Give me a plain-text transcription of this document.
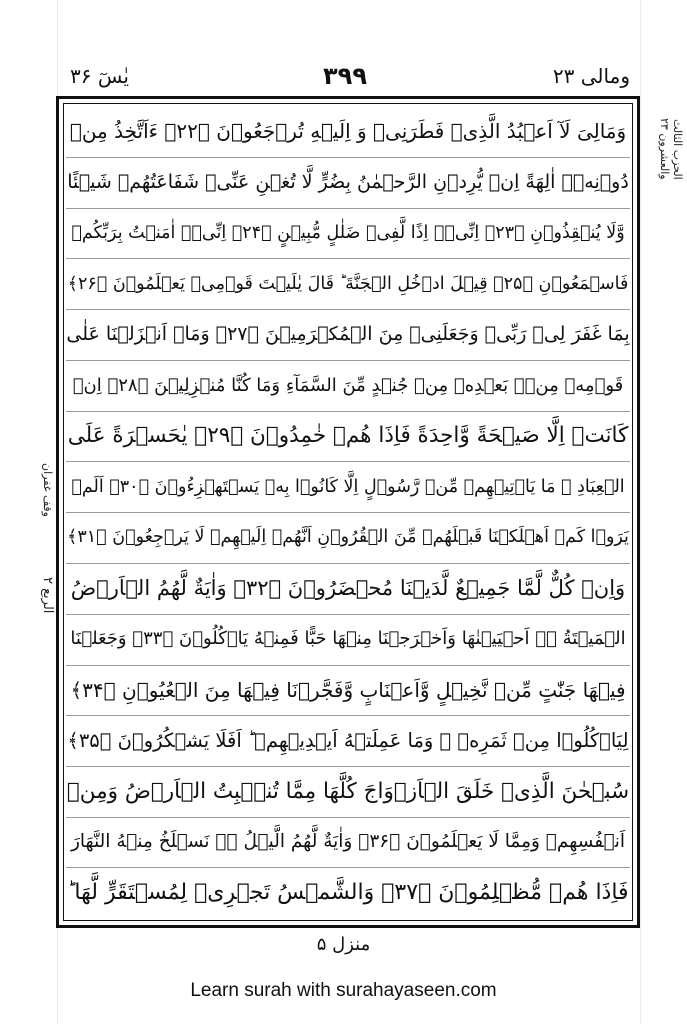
ومالی ۲۳
۳۹۹
یٰسٓ ۳۶
الحزب الثالث والعشرون ۲۳
وقف غفران
الربع ۲
وَمَالِیَ لَآ اَعۡبُدُ الَّذِیۡ فَطَرَنِیۡ وَ اِلَیۡهِ تُرۡجَعُوۡنَ ﴿۲۲﴾ ءَاَتَّخِذُ مِنۡ
دُوۡنِهٖۤ اٰلِهَةً اِنۡ یُّرِدۡنِ الرَّحۡمٰنُ بِضُرٍّ لَّا تُغۡنِ عَنِّیۡ شَفَاعَتُهُمۡ شَیۡئًا
وَّلَا یُنۡقِذُوۡنِ ﴿۲۳﴾ اِنِّیۡۤ اِذًا لَّفِیۡ ضَلٰلٍ مُّبِیۡنٍ ﴿۲۴﴾ اِنِّیۡۤ اٰمَنۡتُ بِرَبِّكُمۡ
فَاسۡمَعُوۡنِ ﴿۲۵﴾ قِیۡلَ ادۡخُلِ الۡجَنَّةَ ؕ قَالَ یٰلَیۡتَ قَوۡمِیۡ یَعۡلَمُوۡنَ ﴿۲۶﴾
بِمَا غَفَرَ لِیۡ رَبِّیۡ وَجَعَلَنِیۡ مِنَ الۡمُكۡرَمِیۡنَ ﴿۲۷﴾ وَمَاۤ اَنۡزَلۡنَا عَلٰی
قَوۡمِهٖ مِنۡۢ بَعۡدِهٖ مِنۡ جُنۡدٍ مِّنَ السَّمَآءِ وَمَا كُنَّا مُنۡزِلِیۡنَ ﴿۲۸﴾ اِنۡ
كَانَتۡ اِلَّا صَیۡحَةً وَّاحِدَةً فَاِذَا هُمۡ خٰمِدُوۡنَ ﴿۲۹﴾ یٰحَسۡرَةً عَلَی
الۡعِبَادِ ۚ مَا یَاۡتِیۡهِمۡ مِّنۡ رَّسُوۡلٍ اِلَّا كَانُوۡا بِهٖ یَسۡتَهۡزِءُوۡنَ ﴿۳۰﴾ اَلَمۡ
یَرَوۡا كَمۡ اَهۡلَكۡنَا قَبۡلَهُمۡ مِّنَ الۡقُرُوۡنِ اَنَّهُمۡ اِلَیۡهِمۡ لَا یَرۡجِعُوۡنَ ﴿۳۱﴾
وَاِنۡ كُلٌّ لَّمَّا جَمِیۡعٌ لَّدَیۡنَا مُحۡضَرُوۡنَ ﴿۳۲﴾ وَاٰیَةٌ لَّهُمُ الۡاَرۡضُ
الۡمَیۡتَةُ ۚۖ اَحۡیَیۡنٰهَا وَاَخۡرَجۡنَا مِنۡهَا حَبًّا فَمِنۡهُ یَاۡكُلُوۡنَ ﴿۳۳﴾ وَجَعَلۡنَا
فِیۡهَا جَنّٰتٍ مِّنۡ نَّخِیۡلٍ وَّاَعۡنَابٍ وَّفَجَّرۡنَا فِیۡهَا مِنَ الۡعُیُوۡنِ ﴿۳۴﴾
لِیَاۡكُلُوۡا مِنۡ ثَمَرِهٖ ۙ وَمَا عَمِلَتۡهُ اَیۡدِیۡهِمۡ ؕ اَفَلَا یَشۡكُرُوۡنَ ﴿۳۵﴾
سُبۡحٰنَ الَّذِیۡ خَلَقَ الۡاَزۡوَاجَ كُلَّهَا مِمَّا تُنۡۢبِتُ الۡاَرۡضُ وَمِنۡ
اَنۡفُسِهِمۡ وَمِمَّا لَا یَعۡلَمُوۡنَ ﴿۳۶﴾ وَاٰیَةٌ لَّهُمُ الَّیۡلُ ۚۖ نَسۡلَخُ مِنۡهُ النَّهَارَ
فَاِذَا هُمۡ مُّظۡلِمُوۡنَ ﴿۳۷﴾ وَالشَّمۡسُ تَجۡرِیۡ لِمُسۡتَقَرٍّ لَّهَا ؕ
منزل ۵
Learn surah with surahayaseen.com
